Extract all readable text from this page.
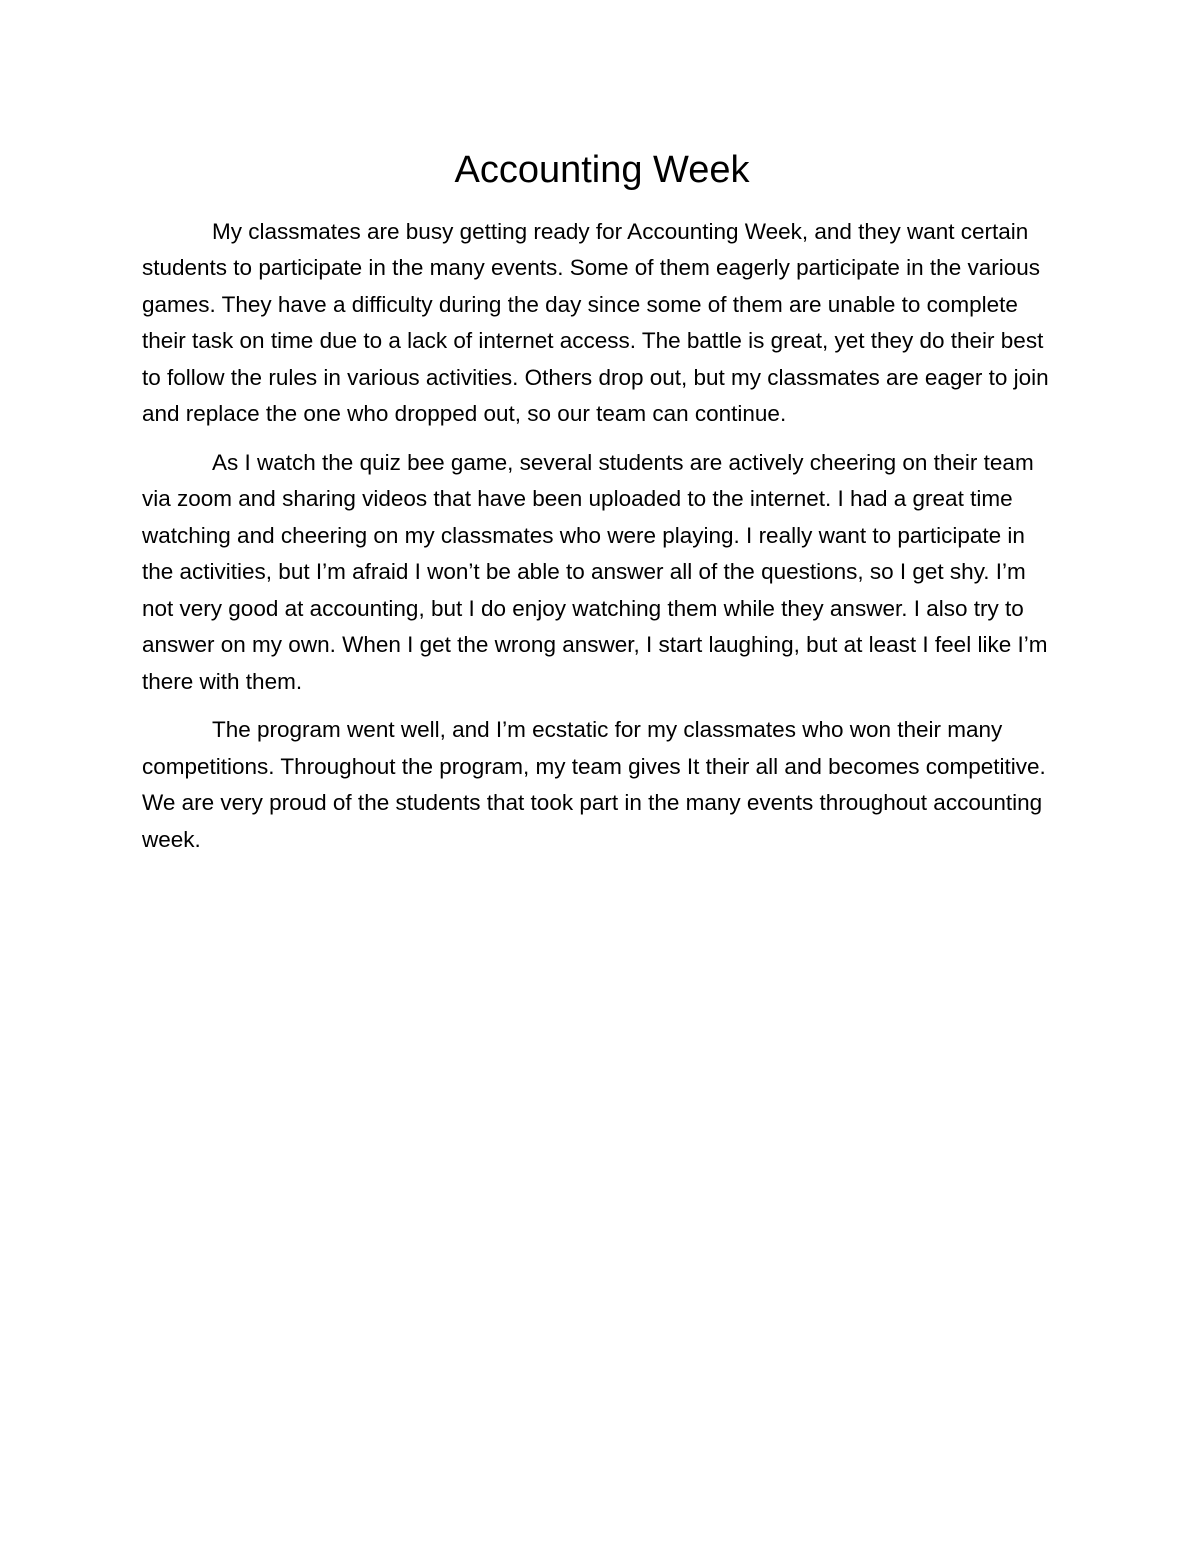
Accounting Week

My classmates are busy getting ready for Accounting Week, and they want certain students to participate in the many events. Some of them eagerly participate in the various games. They have a difficulty during the day since some of them are unable to complete their task on time due to a lack of internet access. The battle is great, yet they do their best to follow the rules in various activities. Others drop out, but my classmates are eager to join and replace the one who dropped out, so our team can continue.

As I watch the quiz bee game, several students are actively cheering on their team via zoom and sharing videos that have been uploaded to the internet. I had a great time watching and cheering on my classmates who were playing. I really want to participate in the activities, but I’m afraid I won’t be able to answer all of the questions, so I get shy. I’m not very good at accounting, but I do enjoy watching them while they answer. I also try to answer on my own. When I get the wrong answer, I start laughing, but at least I feel like I’m there with them.

The program went well, and I’m ecstatic for my classmates who won their many competitions. Throughout the program, my team gives It their all and becomes competitive. We are very proud of the students that took part in the many events throughout accounting week.
